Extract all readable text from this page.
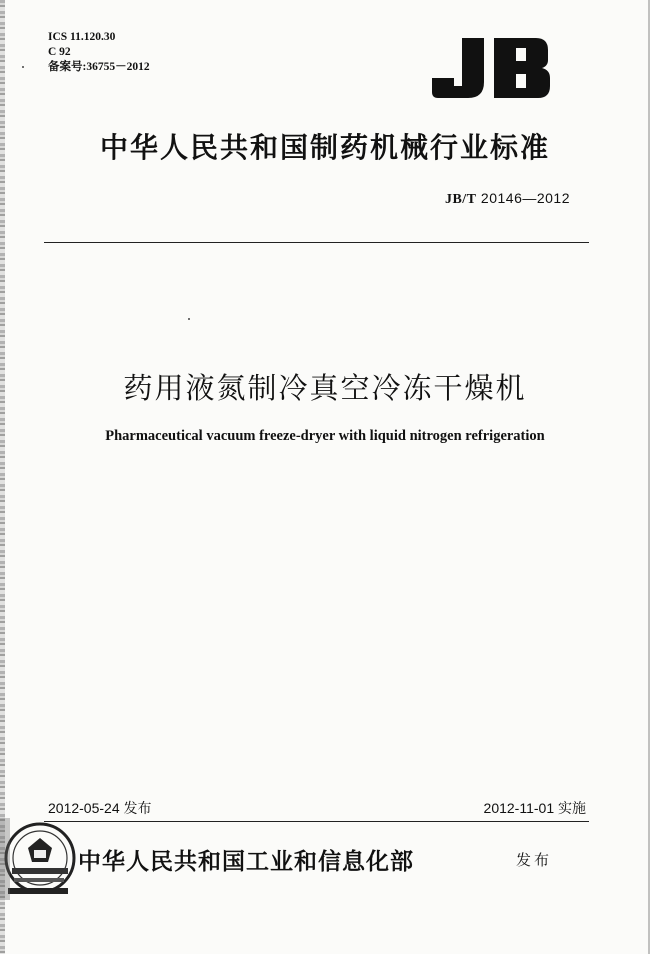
ICS 11.120.30
C 92
备案号:36755－2012
中华人民共和国制药机械行业标准
JB/T 20146—2012
药用液氮制冷真空冷冻干燥机
Pharmaceutical vacuum freeze-dryer with liquid nitrogen refrigeration
2012-05-24 发布	2012-11-01 实施
中华人民共和国工业和信息化部	发布
